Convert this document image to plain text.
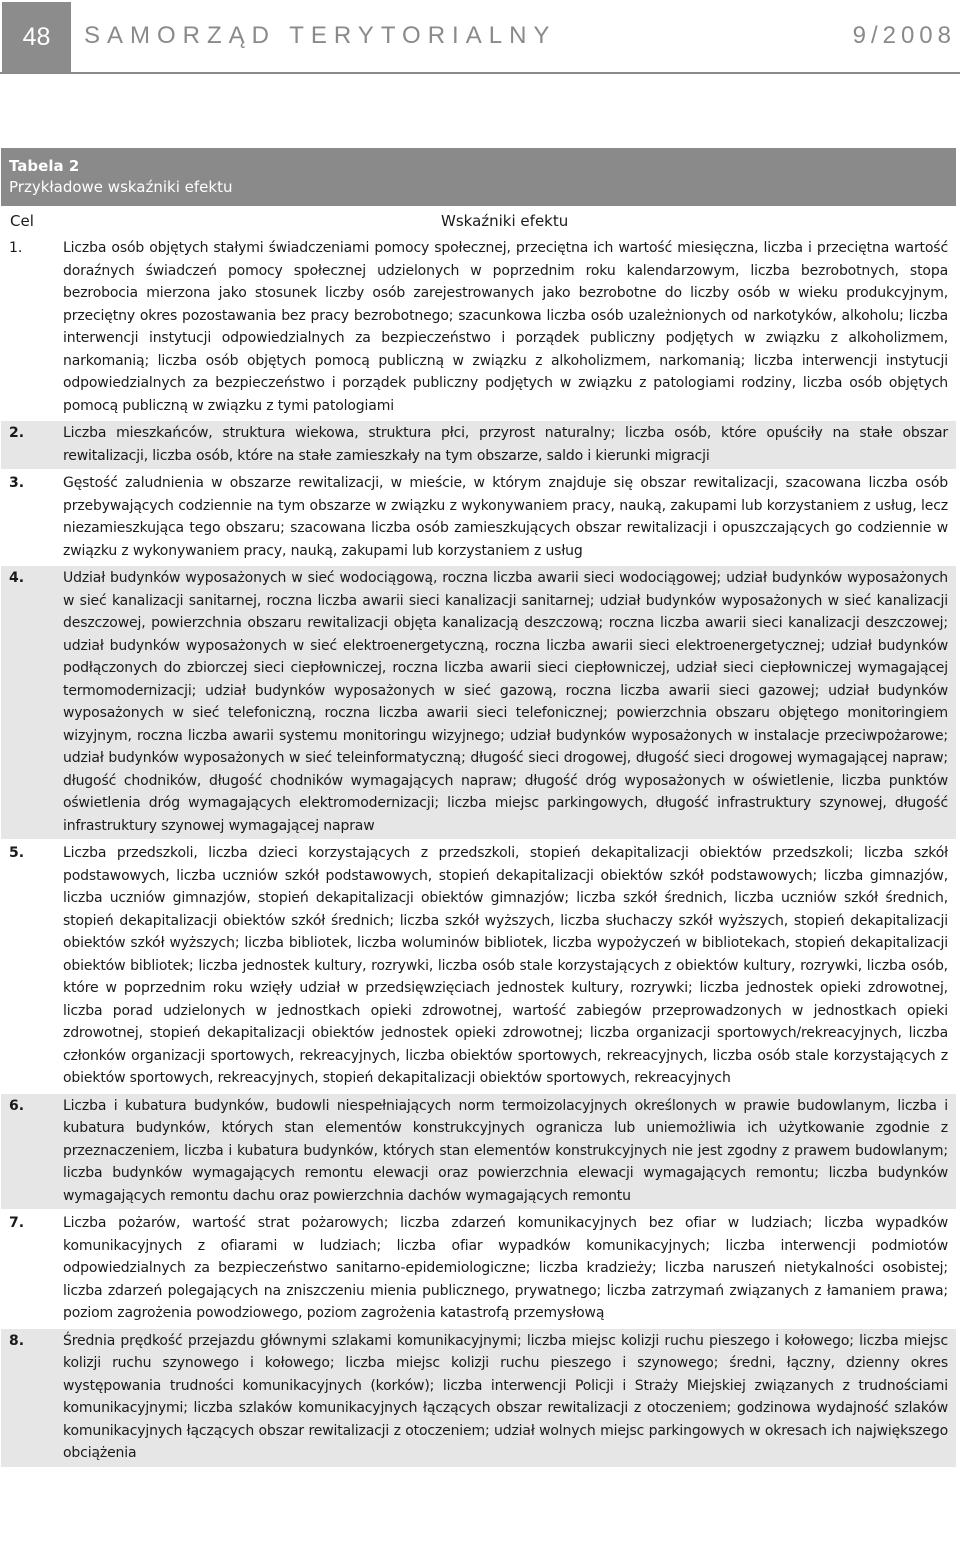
48	SAMORZĄD TERYTORIALNY	9/2008
Tabela 2
Przykładowe wskaźniki efektu
Cel	Wskaźniki efektu
1.	Liczba osób objętych stałymi świadczeniami pomocy społecznej, przeciętna ich wartość miesięczna, liczba i przeciętna wartość doraźnych świadczeń pomocy społecznej udzielonych w poprzednim roku kalendarzowym, liczba bezrobotnych, stopa bezrobocia mierzona jako stosunek liczby osób zarejestrowanych jako bezrobotne do liczby osób w wieku produkcyjnym, przeciętny okres pozostawania bez pracy bezrobotnego; szacunkowa liczba osób uzależnionych od narkotyków, alkoholu; liczba interwencji instytucji odpowiedzialnych za bezpieczeństwo i porządek publiczny podjętych w związku z alkoholizmem, narkomanią; liczba osób objętych pomocą publiczną w związku z alkoholizmem, narkomanią; liczba interwencji instytucji odpowiedzialnych za bezpieczeństwo i porządek publiczny podjętych w związku z patologiami rodziny, liczba osób objętych pomocą publiczną w związku z tymi patologiami
2.	Liczba mieszkańców, struktura wiekowa, struktura płci, przyrost naturalny; liczba osób, które opuściły na stałe obszar rewitalizacji, liczba osób, które na stałe zamieszkały na tym obszarze, saldo i kierunki migracji
3.	Gęstość zaludnienia w obszarze rewitalizacji, w mieście, w którym znajduje się obszar rewitalizacji, szacowana liczba osób przebywających codziennie na tym obszarze w związku z wykonywaniem pracy, nauką, zakupami lub korzystaniem z usług, lecz niezamieszkująca tego obszaru; szacowana liczba osób zamieszkujących obszar rewitalizacji i opuszczających go codziennie w związku z wykonywaniem pracy, nauką, zakupami lub korzystaniem z usług
4.	Udział budynków wyposażonych w sieć wodociągową, roczna liczba awarii sieci wodociągowej; udział budynków wyposażonych w sieć kanalizacji sanitarnej, roczna liczba awarii sieci kanalizacji sanitarnej; udział budynków wyposażonych w sieć kanalizacji deszczowej, powierzchnia obszaru rewitalizacji objęta kanalizacją deszczową; roczna liczba awarii sieci kanalizacji deszczowej; udział budynków wyposażonych w sieć elektroenergetyczną, roczna liczba awarii sieci elektroenergetycznej; udział budynków podłączonych do zbiorczej sieci ciepłowniczej, roczna liczba awarii sieci ciepłowniczej, udział sieci ciepłowniczej wymagającej termomodernizacji; udział budynków wyposażonych w sieć gazową, roczna liczba awarii sieci gazowej; udział budynków wyposażonych w sieć telefoniczną, roczna liczba awarii sieci telefonicznej; powierzchnia obszaru objętego monitoringiem wizyjnym, roczna liczba awarii systemu monitoringu wizyjnego; udział budynków wyposażonych w instalacje przeciwpożarowe; udział budynków wyposażonych w sieć teleinformatyczną; długość sieci drogowej, długość sieci drogowej wymagającej napraw; długość chodników, długość chodników wymagających napraw; długość dróg wyposażonych w oświetlenie, liczba punktów oświetlenia dróg wymagających elektromodernizacji; liczba miejsc parkingowych, długość infrastruktury szynowej, długość infrastruktury szynowej wymagającej napraw
5.	Liczba przedszkoli, liczba dzieci korzystających z przedszkoli, stopień dekapitalizacji obiektów przedszkoli; liczba szkół podstawowych, liczba uczniów szkół podstawowych, stopień dekapitalizacji obiektów szkół podstawowych; liczba gimnazjów, liczba uczniów gimnazjów, stopień dekapitalizacji obiektów gimnazjów; liczba szkół średnich, liczba uczniów szkół średnich, stopień dekapitalizacji obiektów szkół średnich; liczba szkół wyższych, liczba słuchaczy szkół wyższych, stopień dekapitalizacji obiektów szkół wyższych; liczba bibliotek, liczba woluminów bibliotek, liczba wypożyczeń w bibliotekach, stopień dekapitalizacji obiektów bibliotek; liczba jednostek kultury, rozrywki, liczba osób stale korzystających z obiektów kultury, rozrywki, liczba osób, które w poprzednim roku wzięły udział w przedsięwzięciach jednostek kultury, rozrywki; liczba jednostek opieki zdrowotnej, liczba porad udzielonych w jednostkach opieki zdrowotnej, wartość zabiegów przeprowadzonych w jednostkach opieki zdrowotnej, stopień dekapitalizacji obiektów jednostek opieki zdrowotnej; liczba organizacji sportowych/rekreacyjnych, liczba członków organizacji sportowych, rekreacyjnych, liczba obiektów sportowych, rekreacyjnych, liczba osób stale korzystających z obiektów sportowych, rekreacyjnych, stopień dekapitalizacji obiektów sportowych, rekreacyjnych
6.	Liczba i kubatura budynków, budowli niespełniających norm termoizolacyjnych określonych w prawie budowlanym, liczba i kubatura budynków, których stan elementów konstrukcyjnych ogranicza lub uniemożliwia ich użytkowanie zgodnie z przeznaczeniem, liczba i kubatura budynków, których stan elementów konstrukcyjnych nie jest zgodny z prawem budowlanym; liczba budynków wymagających remontu elewacji oraz powierzchnia elewacji wymagających remontu; liczba budynków wymagających remontu dachu oraz powierzchnia dachów wymagających remontu
7.	Liczba pożarów, wartość strat pożarowych; liczba zdarzeń komunikacyjnych bez ofiar w ludziach; liczba wypadków komunikacyjnych z ofiarami w ludziach; liczba ofiar wypadków komunikacyjnych; liczba interwencji podmiotów odpowiedzialnych za bezpieczeństwo sanitarno-epidemiologiczne; liczba kradzieży; liczba naruszeń nietykalności osobistej; liczba zdarzeń polegających na zniszczeniu mienia publicznego, prywatnego; liczba zatrzymań związanych z łamaniem prawa; poziom zagrożenia powodziowego, poziom zagrożenia katastrofą przemysłową
8.	Średnia prędkość przejazdu głównymi szlakami komunikacyjnymi; liczba miejsc kolizji ruchu pieszego i kołowego; liczba miejsc kolizji ruchu szynowego i kołowego; liczba miejsc kolizji ruchu pieszego i szynowego; średni, łączny, dzienny okres występowania trudności komunikacyjnych (korków); liczba interwencji Policji i Straży Miejskiej związanych z trudnościami komunikacyjnymi; liczba szlaków komunikacyjnych łączących obszar rewitalizacji z otoczeniem; godzinowa wydajność szlaków komunikacyjnych łączących obszar rewitalizacji z otoczeniem; udział wolnych miejsc parkingowych w okresach ich największego obciążenia
